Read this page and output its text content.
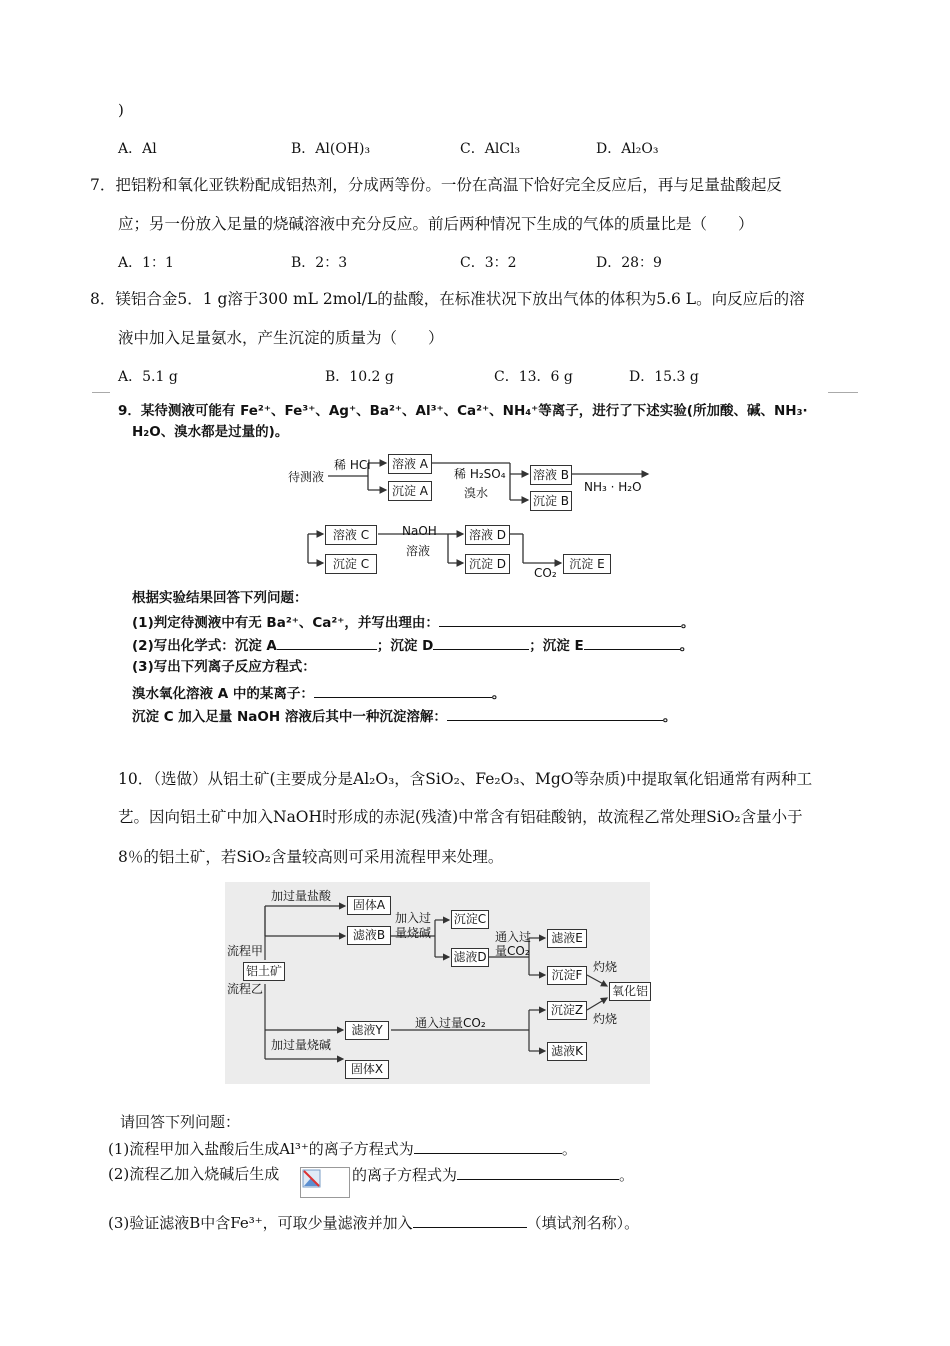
)
A．Al	B．Al(OH)₃	C．AlCl₃	D．Al₂O₃
7．把铝粉和氧化亚铁粉配成铝热剂，分成两等份。一份在高温下恰好完全反应后，再与足量盐酸起反
应；另一份放入足量的烧碱溶液中充分反应。前后两种情况下生成的气体的质量比是（　　）
A．1：1	B．2：3	C．3：2	D．28：9
8．镁铝合金5．1 g溶于300 mL 2mol/L的盐酸，在标准状况下放出气体的体积为5.6 L。向反应后的溶
液中加入足量氨水，产生沉淀的质量为（　　）
A．5.1 g	B．10.2 g	C．13．6 g	D．15.3 g
9．某待测液可能有 Fe²⁺、Fe³⁺、Ag⁺、Ba²⁺、Al³⁺、Ca²⁺、NH₄⁺等离子，进行了下述实验(所加酸、碱、NH₃·
H₂O、溴水都是过量的)。
待测液
稀 HCl	溶液 A
沉淀 A
稀 H₂SO₄
溴水
溶液 B
沉淀 B
NH₃ · H₂O
溶液 C
沉淀 C
NaOH
溶液
溶液 D
沉淀 D
CO₂
沉淀 E
根据实验结果回答下列问题：
(1)判定待测液中有无 Ba²⁺、Ca²⁺，并写出理由：	。
(2)写出化学式：沉淀 A	；沉淀 D	；沉淀 E	。
(3)写出下列离子反应方程式：
溴水氧化溶液 A 中的某离子：	。
沉淀 C 加入足量 NaOH 溶液后其中一种沉淀溶解：	。
10．（选做）从铝土矿(主要成分是Al₂O₃，含SiO₂、Fe₂O₃、MgO等杂质)中提取氧化铝通常有两种工
艺。因向铝土矿中加入NaOH时形成的赤泥(残渣)中常含有铝硅酸钠，故流程乙常处理SiO₂含量小于
8％的铝土矿，若SiO₂含量较高则可采用流程甲来处理。
流程甲
流程乙
铝土矿
加过量盐酸
固体A
滤液B
加入过
量烧碱
沉淀C
滤液D
通入过
量CO₂
滤液E
沉淀F
灼烧
氧化铝
加过量烧碱
滤液Y	通入过量CO₂
沉淀Z
灼烧
滤液K
固体X
请回答下列问题：
(1)流程甲加入盐酸后生成Al³⁺的离子方程式为	。
(2)流程乙加入烧碱后生成	的离子方程式为	。
(3)验证滤液B中含Fe³⁺，可取少量滤液并加入	（填试剂名称）。
